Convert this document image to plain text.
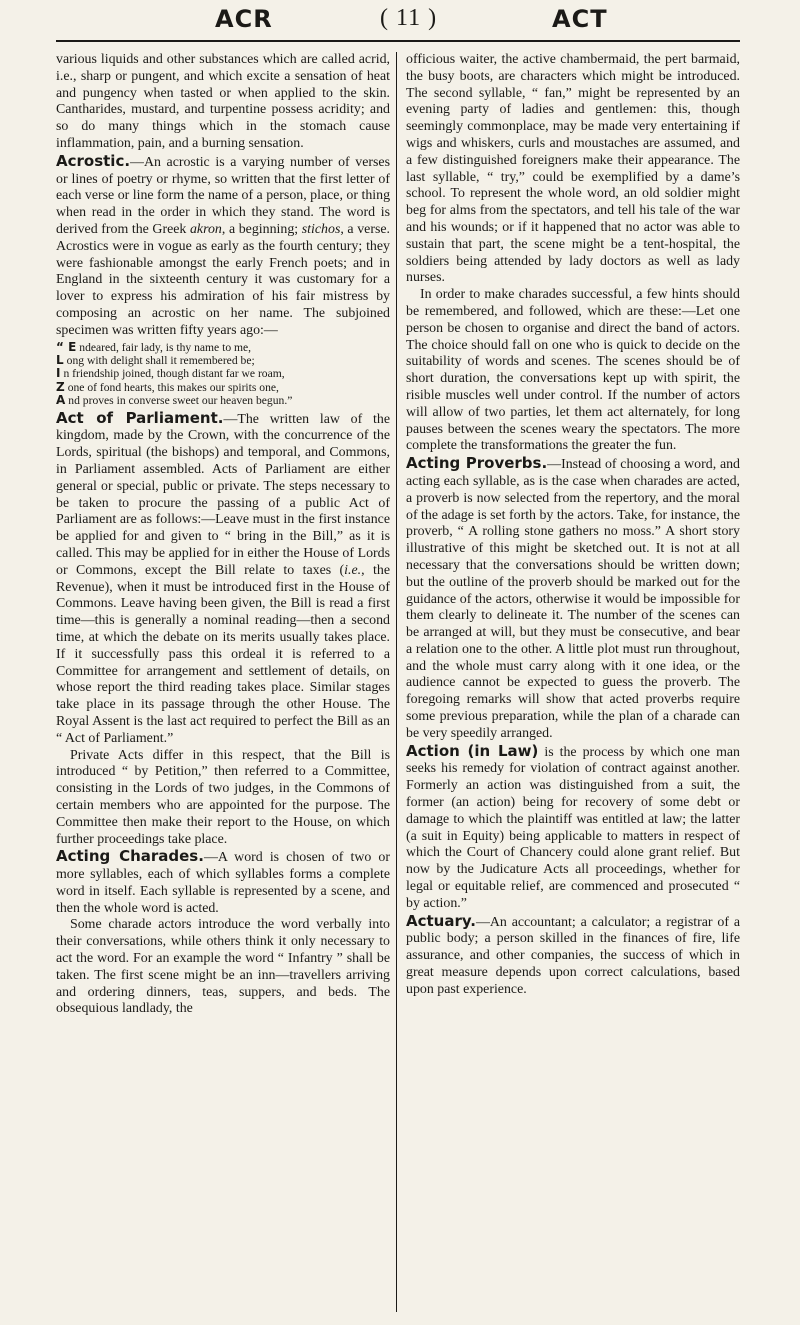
ACR	( 11 )	ACT

various liquids and other substances which are called acrid, i.e., sharp or pungent, and which excite a sensation of heat and pungency when tasted or when applied to the skin. Cantharides, mustard, and turpentine possess acridity; and so do many things which in the stomach cause inflammation, pain, and a burning sensation.

Acrostic.—An acrostic is a varying number of verses or lines of poetry or rhyme, so written that the first letter of each verse or line form the name of a person, place, or thing when read in the order in which they stand. The word is derived from the Greek akron, a beginning; stichos, a verse. Acrostics were in vogue as early as the fourth century; they were fashionable amongst the early French poets; and in England in the sixteenth century it was customary for a lover to express his admiration of his fair mistress by composing an acrostic on her name. The subjoined specimen was written fifty years ago:—

“ E ndeared, fair lady, is thy name to me,
L ong with delight shall it remembered be;
I n friendship joined, though distant far we roam,
Z one of fond hearts, this makes our spirits one,
A nd proves in converse sweet our heaven begun.”

Act of Parliament.—The written law of the kingdom, made by the Crown, with the concurrence of the Lords, spiritual (the bishops) and temporal, and Commons, in Parliament assembled. Acts of Parliament are either general or special, public or private. The steps necessary to be taken to procure the passing of a public Act of Parliament are as follows:—Leave must in the first instance be applied for and given to “ bring in the Bill,” as it is called. This may be applied for in either the House of Lords or Commons, except the Bill relate to taxes (i.e., the Revenue), when it must be introduced first in the House of Commons. Leave having been given, the Bill is read a first time—this is generally a nominal reading—then a second time, at which the debate on its merits usually takes place. If it successfully pass this ordeal it is referred to a Committee for arrangement and settlement of details, on whose report the third reading takes place. Similar stages take place in its passage through the other House. The Royal Assent is the last act required to perfect the Bill as an “ Act of Parliament.”

Private Acts differ in this respect, that the Bill is introduced “ by Petition,” then referred to a Committee, consisting in the Lords of two judges, in the Commons of certain members who are appointed for the purpose. The Committee then make their report to the House, on which further proceedings take place.

Acting Charades.—A word is chosen of two or more syllables, each of which syllables forms a complete word in itself. Each syllable is represented by a scene, and then the whole word is acted.

Some charade actors introduce the word verbally into their conversations, while others think it only necessary to act the word. For an example the word “ Infantry ” shall be taken. The first scene might be an inn—travellers arriving and ordering dinners, teas, suppers, and beds. The obsequious landlady, the

officious waiter, the active chambermaid, the pert barmaid, the busy boots, are characters which might be introduced. The second syllable, “ fan,” might be represented by an evening party of ladies and gentlemen: this, though seemingly commonplace, may be made very entertaining if wigs and whiskers, curls and moustaches are assumed, and a few distinguished foreigners make their appearance. The last syllable, “ try,” could be exemplified by a dame’s school. To represent the whole word, an old soldier might beg for alms from the spectators, and tell his tale of the war and his wounds; or if it happened that no actor was able to sustain that part, the scene might be a tent-hospital, the soldiers being attended by lady doctors as well as lady nurses.

In order to make charades successful, a few hints should be remembered, and followed, which are these:—Let one person be chosen to organise and direct the band of actors. The choice should fall on one who is quick to decide on the suitability of words and scenes. The scenes should be of short duration, the conversations kept up with spirit, the risible muscles well under control. If the number of actors will allow of two parties, let them act alternately, for long pauses between the scenes weary the spectators. The more complete the transformations the greater the fun.

Acting Proverbs.—Instead of choosing a word, and acting each syllable, as is the case when charades are acted, a proverb is now selected from the repertory, and the moral of the adage is set forth by the actors. Take, for instance, the proverb, “ A rolling stone gathers no moss.” A short story illustrative of this might be sketched out. It is not at all necessary that the conversations should be written down; but the outline of the proverb should be marked out for the guidance of the actors, otherwise it would be impossible for them clearly to delineate it. The number of the scenes can be arranged at will, but they must be consecutive, and bear a relation one to the other. A little plot must run throughout, and the whole must carry along with it one idea, or the audience cannot be expected to guess the proverb. The foregoing remarks will show that acted proverbs require some previous preparation, while the plan of a charade can be very speedily arranged.

Action (in Law) is the process by which one man seeks his remedy for violation of contract against another. Formerly an action was distinguished from a suit, the former (an action) being for recovery of some debt or damage to which the plaintiff was entitled at law; the latter (a suit in Equity) being applicable to matters in respect of which the Court of Chancery could alone grant relief. But now by the Judicature Acts all proceedings, whether for legal or equitable relief, are commenced and prosecuted “ by action.”

Actuary.—An accountant; a calculator; a registrar of a public body; a person skilled in the finances of fire, life assurance, and other companies, the success of which in great measure depends upon correct calculations, based upon past experience.
